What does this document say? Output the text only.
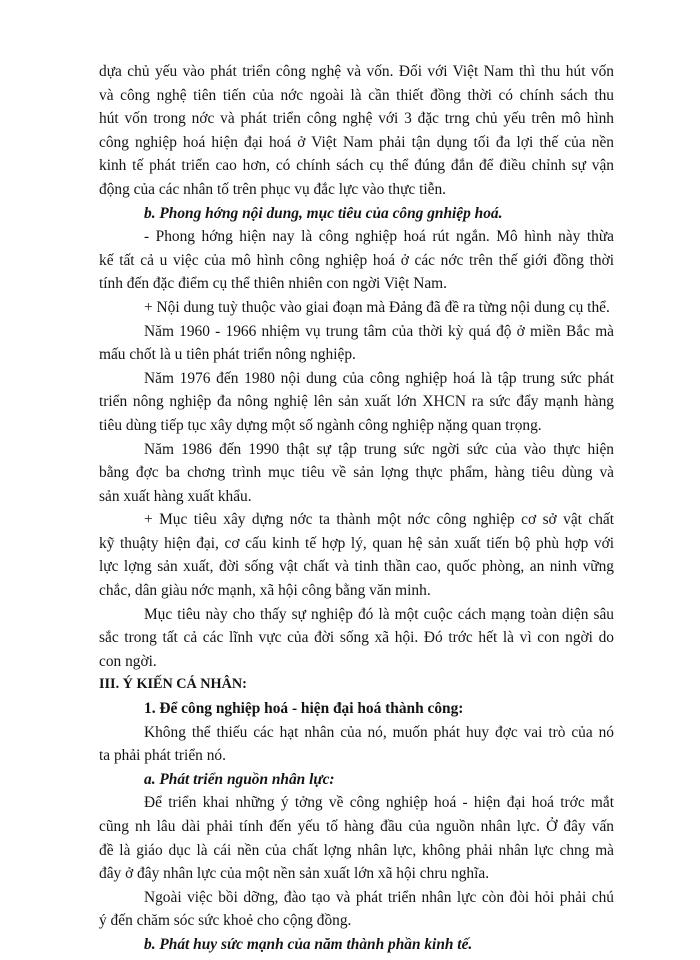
dựa chủ yếu vào phát triển công nghệ và vốn. Đối với Việt Nam thì thu hút vốn
và công nghệ tiên tiến của nớc ngoài là cần thiết đồng thời có chính sách thu
hút vốn trong nớc và phát triển công nghệ với 3 đặc trng chủ yếu trên mô hình
công nghiệp hoá hiện đại hoá ở Việt Nam phải tận dụng tối đa lợi thế của nền
kinh tế phát triển cao hơn, có chính sách cụ thể đúng đắn để điều chỉnh sự vận
động của các nhân tố trên phục vụ đắc lực vào thực tiễn.
b. Phong hớng nội dung, mục tiêu của công gnhiệp hoá.
- Phong hớng hiện nay là công nghiệp hoá rút ngắn. Mô hình này thừa
kế tất cả u việc của mô hình công nghiệp hoá ở các nớc trên thế giới đồng thời
tính đến đặc điểm cụ thể thiên nhiên con ngời Việt Nam.
+ Nội dung tuỳ thuộc vào giai đoạn mà Đảng đã đề ra từng nội dung cụ thể.
Năm 1960 - 1966 nhiệm vụ trung tâm của thời kỳ quá độ ở miền Bắc mà
mấu chốt là u tiên phát triển nông nghiệp.
Năm 1976 đến 1980 nội dung của công nghiệp hoá là tập trung sức phát
triển nông nghiệp đa nông nghiệ lên sản xuất lớn XHCN ra sức đẩy mạnh hàng
tiêu dùng tiếp tục xây dựng một số ngành công nghiệp nặng quan trọng.
Năm 1986 đến 1990 thật sự tập trung sức ngời sức của vào thực hiện
bằng đợc ba chơng trình mục tiêu về sản lợng thực phẩm, hàng tiêu dùng và
sản xuất hàng xuất khẩu.
+ Mục tiêu xây dựng nớc ta thành một nớc công nghiệp cơ sở vật chất
kỹ thuậty hiện đại, cơ cấu kinh tế hợp lý, quan hệ sản xuất tiến bộ phù hợp với
lực lợng sản xuất, đời sống vật chất và tinh thần cao, quốc phòng, an ninh vững
chắc, dân giàu nớc mạnh, xã hội công bằng văn minh.
Mục tiêu này cho thấy sự nghiệp đó là một cuộc cách mạng toàn diện sâu
sắc trong tất cả các lĩnh vực của đời sống xã hội. Đó trớc hết là vì con ngời do
con ngời.
III. Ý KIẾN CÁ NHÂN:
1. Để công nghiệp hoá - hiện đại hoá thành công:
Không thể thiếu các hạt nhân của nó, muốn phát huy đợc vai trò của nó
ta phải phát triển nó.
a. Phát triển nguồn nhân lực:
Để triển khai những ý tởng về công nghiệp hoá - hiện đại hoá trớc mắt
cũng nh lâu dài phải tính đến yếu tố hàng đầu của nguồn nhân lực. Ở đây vấn
đề là giáo dục là cái nền của chất lợng nhân lực, không phải nhân lực chng mà
đây ở đây nhân lực của một nền sản xuất lớn xã hội chru nghĩa.
Ngoài việc bồi dỡng, đào tạo và phát triển nhân lực còn đòi hỏi phải chú
ý đến chăm sóc sức khoẻ cho cộng đồng.
b. Phát huy sức mạnh của năm thành phần kinh tế.
